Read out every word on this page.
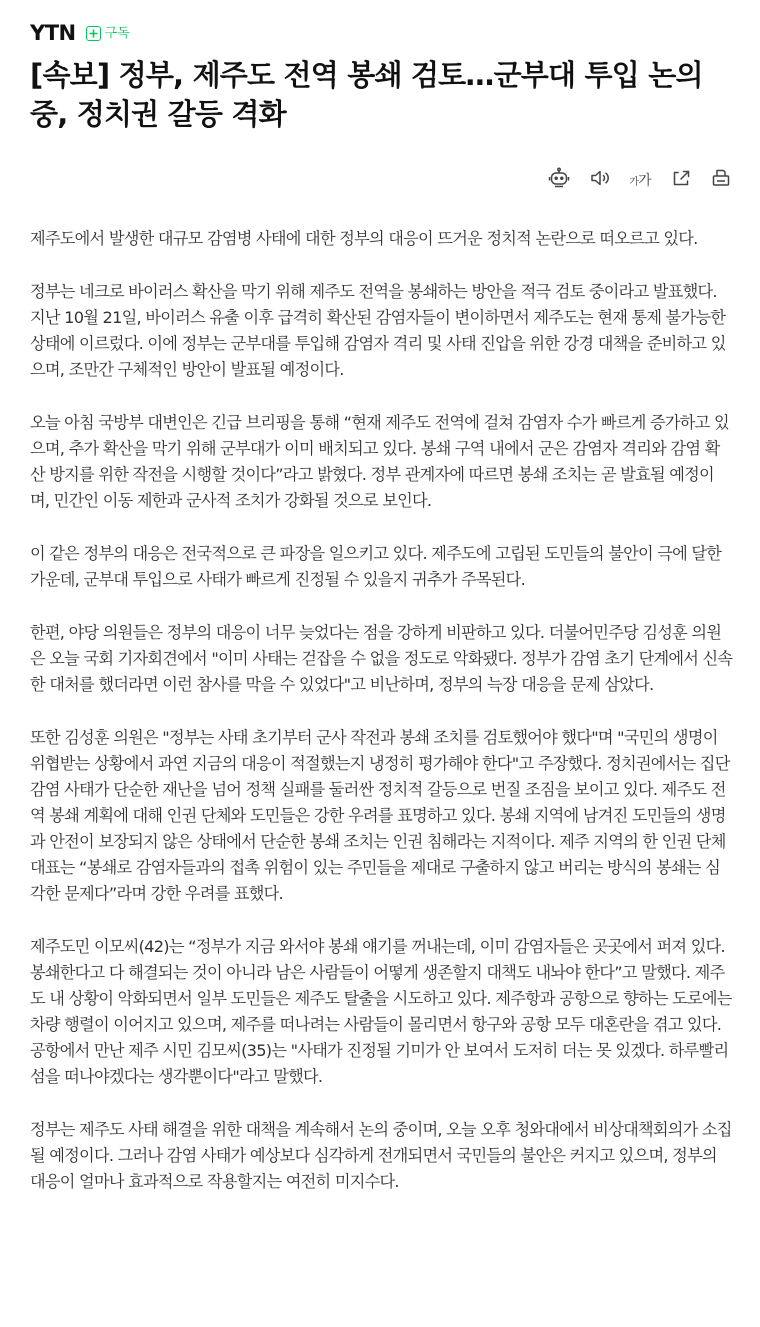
YTN 구독
[속보] 정부, 제주도 전역 봉쇄 검토…군부대 투입 논의 중, 정치권 갈등 격화
가가

제주도에서 발생한 대규모 감염병 사태에 대한 정부의 대응이 뜨거운 정치적 논란으로 떠오르고 있다.

정부는 네크로 바이러스 확산을 막기 위해 제주도 전역을 봉쇄하는 방안을 적극 검토 중이라고 발표했다. 지난 10월 21일, 바이러스 유출 이후 급격히 확산된 감염자들이 변이하면서 제주도는 현재 통제 불가능한 상태에 이르렀다. 이에 정부는 군부대를 투입해 감염자 격리 및 사태 진압을 위한 강경 대책을 준비하고 있으며, 조만간 구체적인 방안이 발표될 예정이다.

오늘 아침 국방부 대변인은 긴급 브리핑을 통해 “현재 제주도 전역에 걸쳐 감염자 수가 빠르게 증가하고 있으며, 추가 확산을 막기 위해 군부대가 이미 배치되고 있다. 봉쇄 구역 내에서 군은 감염자 격리와 감염 확산 방지를 위한 작전을 시행할 것이다”라고 밝혔다. 정부 관계자에 따르면 봉쇄 조치는 곧 발효될 예정이며, 민간인 이동 제한과 군사적 조치가 강화될 것으로 보인다.

이 같은 정부의 대응은 전국적으로 큰 파장을 일으키고 있다. 제주도에 고립된 도민들의 불안이 극에 달한 가운데, 군부대 투입으로 사태가 빠르게 진정될 수 있을지 귀추가 주목된다.

한편, 야당 의원들은 정부의 대응이 너무 늦었다는 점을 강하게 비판하고 있다. 더불어민주당 김성훈 의원은 오늘 국회 기자회견에서 "이미 사태는 걷잡을 수 없을 정도로 악화됐다. 정부가 감염 초기 단계에서 신속한 대처를 했더라면 이런 참사를 막을 수 있었다"고 비난하며, 정부의 늑장 대응을 문제 삼았다.

또한 김성훈 의원은 "정부는 사태 초기부터 군사 작전과 봉쇄 조치를 검토했어야 했다"며 "국민의 생명이 위협받는 상황에서 과연 지금의 대응이 적절했는지 냉정히 평가해야 한다"고 주장했다. 정치권에서는 집단 감염 사태가 단순한 재난을 넘어 정책 실패를 둘러싼 정치적 갈등으로 번질 조짐을 보이고 있다. 제주도 전역 봉쇄 계획에 대해 인권 단체와 도민들은 강한 우려를 표명하고 있다. 봉쇄 지역에 남겨진 도민들의 생명과 안전이 보장되지 않은 상태에서 단순한 봉쇄 조치는 인권 침해라는 지적이다. 제주 지역의 한 인권 단체 대표는 “봉쇄로 감염자들과의 접촉 위험이 있는 주민들을 제대로 구출하지 않고 버리는 방식의 봉쇄는 심각한 문제다”라며 강한 우려를 표했다.

제주도민 이모씨(42)는 “정부가 지금 와서야 봉쇄 얘기를 꺼내는데, 이미 감염자들은 곳곳에서 퍼져 있다. 봉쇄한다고 다 해결되는 것이 아니라 남은 사람들이 어떻게 생존할지 대책도 내놔야 한다”고 말했다. 제주도 내 상황이 악화되면서 일부 도민들은 제주도 탈출을 시도하고 있다. 제주항과 공항으로 향하는 도로에는 차량 행렬이 이어지고 있으며, 제주를 떠나려는 사람들이 몰리면서 항구와 공항 모두 대혼란을 겪고 있다. 공항에서 만난 제주 시민 김모씨(35)는 "사태가 진정될 기미가 안 보여서 도저히 더는 못 있겠다. 하루빨리 섬을 떠나야겠다는 생각뿐이다"라고 말했다.

정부는 제주도 사태 해결을 위한 대책을 계속해서 논의 중이며, 오늘 오후 청와대에서 비상대책회의가 소집될 예정이다. 그러나 감염 사태가 예상보다 심각하게 전개되면서 국민들의 불안은 커지고 있으며, 정부의 대응이 얼마나 효과적으로 작용할지는 여전히 미지수다.
